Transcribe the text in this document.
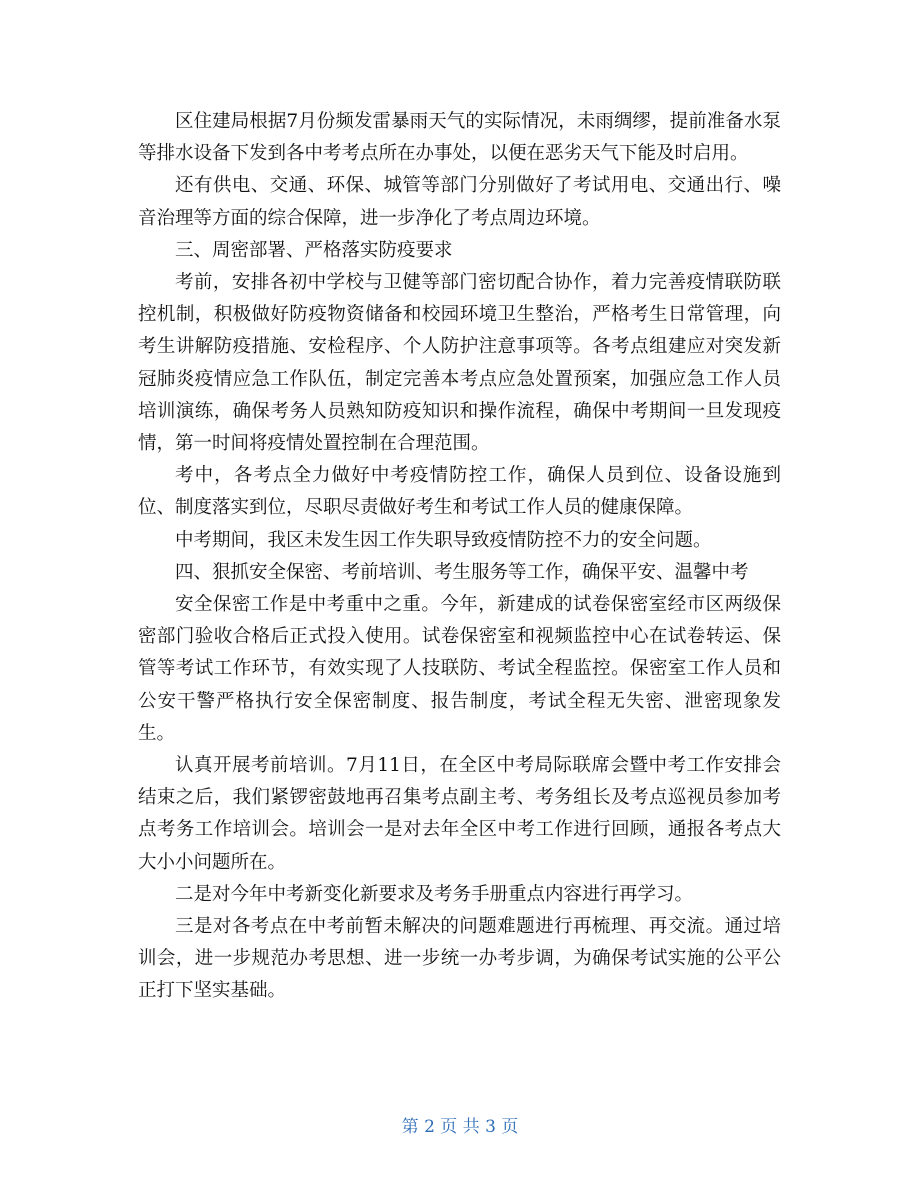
区住建局根据7月份频发雷暴雨天气的实际情况，未雨绸缪，提前准备水泵等排水设备下发到各中考考点所在办事处，以便在恶劣天气下能及时启用。

还有供电、交通、环保、城管等部门分别做好了考试用电、交通出行、噪音治理等方面的综合保障，进一步净化了考点周边环境。

三、周密部署、严格落实防疫要求

考前，安排各初中学校与卫健等部门密切配合协作，着力完善疫情联防联控机制，积极做好防疫物资储备和校园环境卫生整治，严格考生日常管理，向考生讲解防疫措施、安检程序、个人防护注意事项等。各考点组建应对突发新冠肺炎疫情应急工作队伍，制定完善本考点应急处置预案，加强应急工作人员培训演练，确保考务人员熟知防疫知识和操作流程，确保中考期间一旦发现疫情，第一时间将疫情处置控制在合理范围。

考中，各考点全力做好中考疫情防控工作，确保人员到位、设备设施到位、制度落实到位，尽职尽责做好考生和考试工作人员的健康保障。

中考期间，我区未发生因工作失职导致疫情防控不力的安全问题。

四、狠抓安全保密、考前培训、考生服务等工作，确保平安、温馨中考

安全保密工作是中考重中之重。今年，新建成的试卷保密室经市区两级保密部门验收合格后正式投入使用。试卷保密室和视频监控中心在试卷转运、保管等考试工作环节，有效实现了人技联防、考试全程监控。保密室工作人员和公安干警严格执行安全保密制度、报告制度，考试全程无失密、泄密现象发生。

认真开展考前培训。7月11日，在全区中考局际联席会暨中考工作安排会结束之后，我们紧锣密鼓地再召集考点副主考、考务组长及考点巡视员参加考点考务工作培训会。培训会一是对去年全区中考工作进行回顾，通报各考点大大小小问题所在。

二是对今年中考新变化新要求及考务手册重点内容进行再学习。

三是对各考点在中考前暂未解决的问题难题进行再梳理、再交流。通过培训会，进一步规范办考思想、进一步统一办考步调，为确保考试实施的公平公正打下坚实基础。

第 2 页 共 3 页
